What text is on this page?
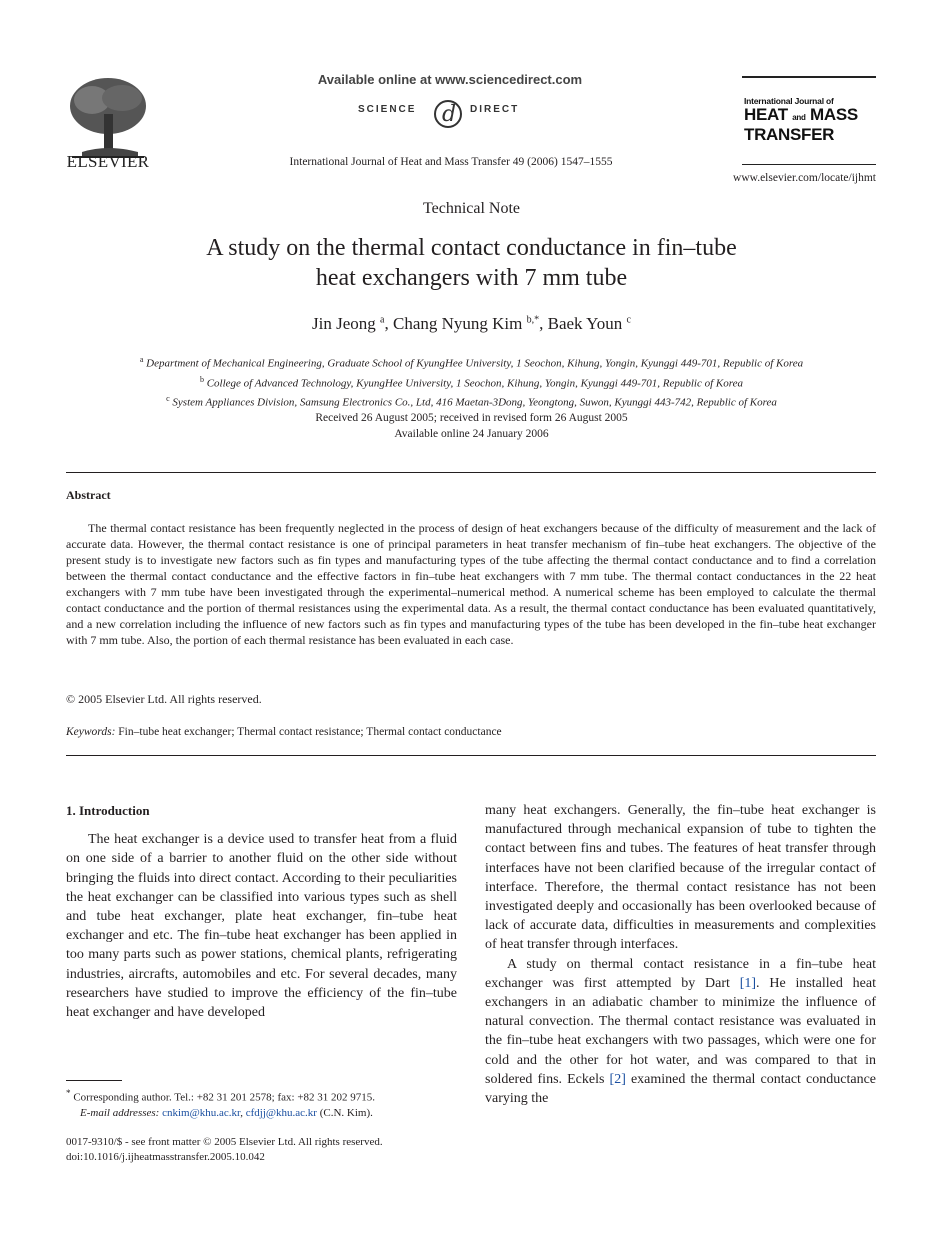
ELSEVIER
Available online at www.sciencedirect.com
SCIENCE d DIRECT
International Journal of Heat and Mass Transfer 49 (2006) 1547–1555
International Journal of
HEAT and MASS
TRANSFER
www.elsevier.com/locate/ijhmt
Technical Note
A study on the thermal contact conductance in fin–tube
heat exchangers with 7 mm tube
Jin Jeong $^a$, Chang Nyung Kim $^{b,*}$, Baek Youn $^c$
$^a$ Department of Mechanical Engineering, Graduate School of KyungHee University, 1 Seochon, Kihung, Yongin, Kyunggi 449-701, Republic of Korea
$^b$ College of Advanced Technology, KyungHee University, 1 Seochon, Kihung, Yongin, Kyunggi 449-701, Republic of Korea
$^c$ System Appliances Division, Samsung Electronics Co., Ltd, 416 Maetan-3Dong, Yeongtong, Suwon, Kyunggi 443-742, Republic of Korea
Received 26 August 2005; received in revised form 26 August 2005
Available online 24 January 2006
Abstract
The thermal contact resistance has been frequently neglected in the process of design of heat exchangers because of the difficulty of measurement and the lack of accurate data. However, the thermal contact resistance is one of principal parameters in heat transfer mechanism of fin–tube heat exchangers. The objective of the present study is to investigate new factors such as fin types and manufacturing types of the tube affecting the thermal contact conductance and to find a correlation between the thermal contact conductance and the effective factors in fin–tube heat exchangers with 7 mm tube. The thermal contact conductances in the 22 heat exchangers with 7 mm tube have been investigated through the experimental–numerical method. A numerical scheme has been employed to calculate the thermal contact conductance and the portion of thermal resistances using the experimental data. As a result, the thermal contact conductance has been evaluated quantitatively, and a new correlation including the influence of new factors such as fin types and manufacturing types of the tube has been developed in the fin–tube heat exchanger with 7 mm tube. Also, the portion of each thermal resistance has been evaluated in each case.
© 2005 Elsevier Ltd. All rights reserved.
Keywords: Fin–tube heat exchanger; Thermal contact resistance; Thermal contact conductance
1. Introduction

The heat exchanger is a device used to transfer heat from a fluid on one side of a barrier to another fluid on the other side without bringing the fluids into direct contact. According to their peculiarities the heat exchanger can be classified into various types such as shell and tube heat exchanger, plate heat exchanger, fin–tube heat exchanger and etc. The fin–tube heat exchanger has been applied in too many parts such as power stations, chemical plants, refrigerating industries, aircrafts, automobiles and etc. For several decades, many researchers have studied to improve the efficiency of the fin–tube heat exchanger and have developed

many heat exchangers. Generally, the fin–tube heat exchanger is manufactured through mechanical expansion of tube to tighten the contact between fins and tubes. The features of heat transfer through interfaces have not been clarified because of the irregular contact of interface. Therefore, the thermal contact resistance has not been investigated deeply and occasionally has been overlooked because of lack of accurate data, difficulties in measurements and complexities of heat transfer through interfaces.

A study on thermal contact resistance in a fin–tube heat exchanger was first attempted by Dart [1]. He installed heat exchangers in an adiabatic chamber to minimize the influence of natural convection. The thermal contact resistance was evaluated in the fin–tube heat exchangers with two passages, which were one for cold and the other for hot water, and was compared to that in soldered fins. Eckels [2] examined the thermal contact conductance varying the

* Corresponding author. Tel.: +82 31 201 2578; fax: +82 31 202 9715.
E-mail addresses: cnkim@khu.ac.kr, cfdjj@khu.ac.kr (C.N. Kim).
0017-9310/$ - see front matter © 2005 Elsevier Ltd. All rights reserved.
doi:10.1016/j.ijheatmasstransfer.2005.10.042
